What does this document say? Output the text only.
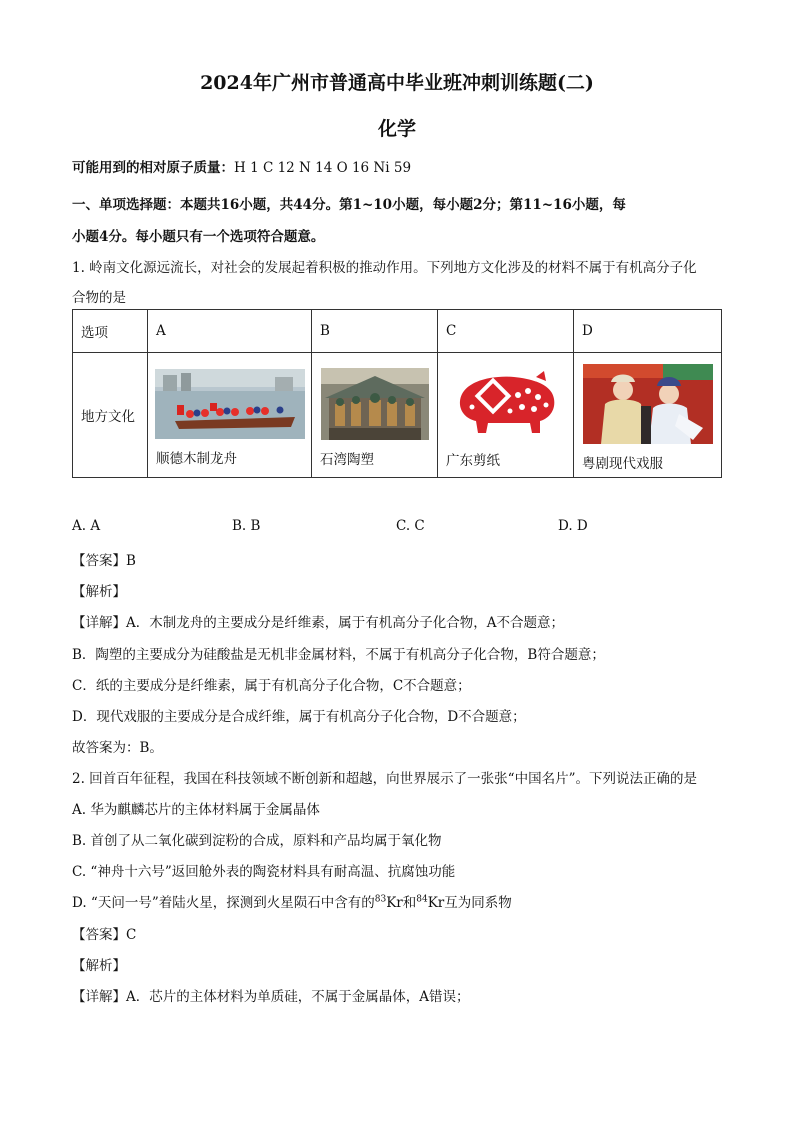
2024年广州市普通高中毕业班冲刺训练题(二)
化学
可能用到的相对原子质量：H 1 C 12 N 14 O 16 Ni 59
一、单项选择题：本题共16小题，共44分。第1~10小题，每小题2分；第11~16小题，每
小题4分。每小题只有一个选项符合题意。
1. 岭南文化源远流长，对社会的发展起着积极的推动作用。下列地方文化涉及的材料不属于有机高分子化
合物的是
选项	A	B	C	D
地方文化	顺德木制龙舟	石湾陶塑	广东剪纸	粤剧现代戏服
A. A	B. B	C. C	D. D
【答案】B
【解析】
【详解】A．木制龙舟的主要成分是纤维素，属于有机高分子化合物，A不合题意；
B．陶塑的主要成分为硅酸盐是无机非金属材料，不属于有机高分子化合物，B符合题意；
C．纸的主要成分是纤维素，属于有机高分子化合物，C不合题意；
D．现代戏服的主要成分是合成纤维，属于有机高分子化合物，D不合题意；
故答案为：B。
2. 回首百年征程，我国在科技领域不断创新和超越，向世界展示了一张张“中国名片”。下列说法正确的是
A. 华为麒麟芯片的主体材料属于金属晶体
B. 首创了从二氧化碳到淀粉的合成，原料和产品均属于氧化物
C. “神舟十六号”返回舱外表的陶瓷材料具有耐高温、抗腐蚀功能
D. “天问一号”着陆火星，探测到火星陨石中含有的$^{83}$Kr和$^{84}$Kr互为同系物
【答案】C
【解析】
【详解】A．芯片的主体材料为单质硅，不属于金属晶体，A错误；
